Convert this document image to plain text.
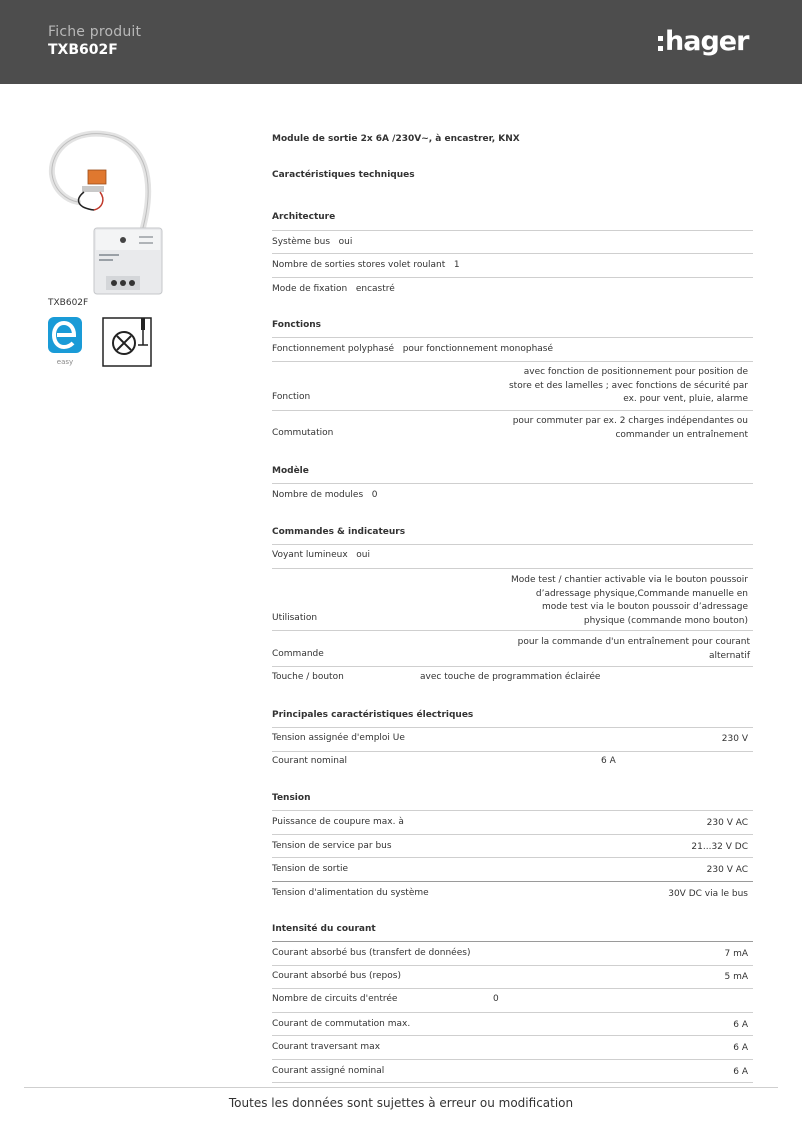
Fiche produit
TXB602F	hager
TXB602F
easy
Module de sortie 2x 6A /230V~, à encastrer, KNX
Caractéristiques techniques
Architecture
Système bus oui
Nombre de sorties stores volet roulant 1
Mode de fixation encastré
Fonctions
Fonctionnement polyphasé pour fonctionnement monophasé
Fonction
avec fonction de positionnement pour position de
store et des lamelles ; avec fonctions de sécurité par
ex. pour vent, pluie, alarme
Commutation
pour commuter par ex. 2 charges indépendantes ou
commander un entraînement
Modèle
Nombre de modules 0
Commandes & indicateurs
Voyant lumineux oui
Utilisation
Mode test / chantier activable via le bouton poussoir
d’adressage physique,Commande manuelle en
mode test via le bouton poussoir d’adressage
physique (commande mono bouton)
Commande
pour la commande d'un entraînement pour courant
alternatif
Touche / bouton	avec touche de programmation éclairée
Principales caractéristiques électriques
Tension assignée d'emploi Ue	230 V
Courant nominal	6 A
Tension
Puissance de coupure max. à	230 V AC
Tension de service par bus	21...32 V DC
Tension de sortie	230 V AC
Tension d'alimentation du système	30V DC via le bus
Intensité du courant
Courant absorbé bus (transfert de données)	7 mA
Courant absorbé bus (repos)	5 mA
Nombre de circuits d'entrée	0
Courant de commutation max.	6 A
Courant traversant max	6 A
Courant assigné nominal	6 A
Toutes les données sont sujettes à erreur ou modification
